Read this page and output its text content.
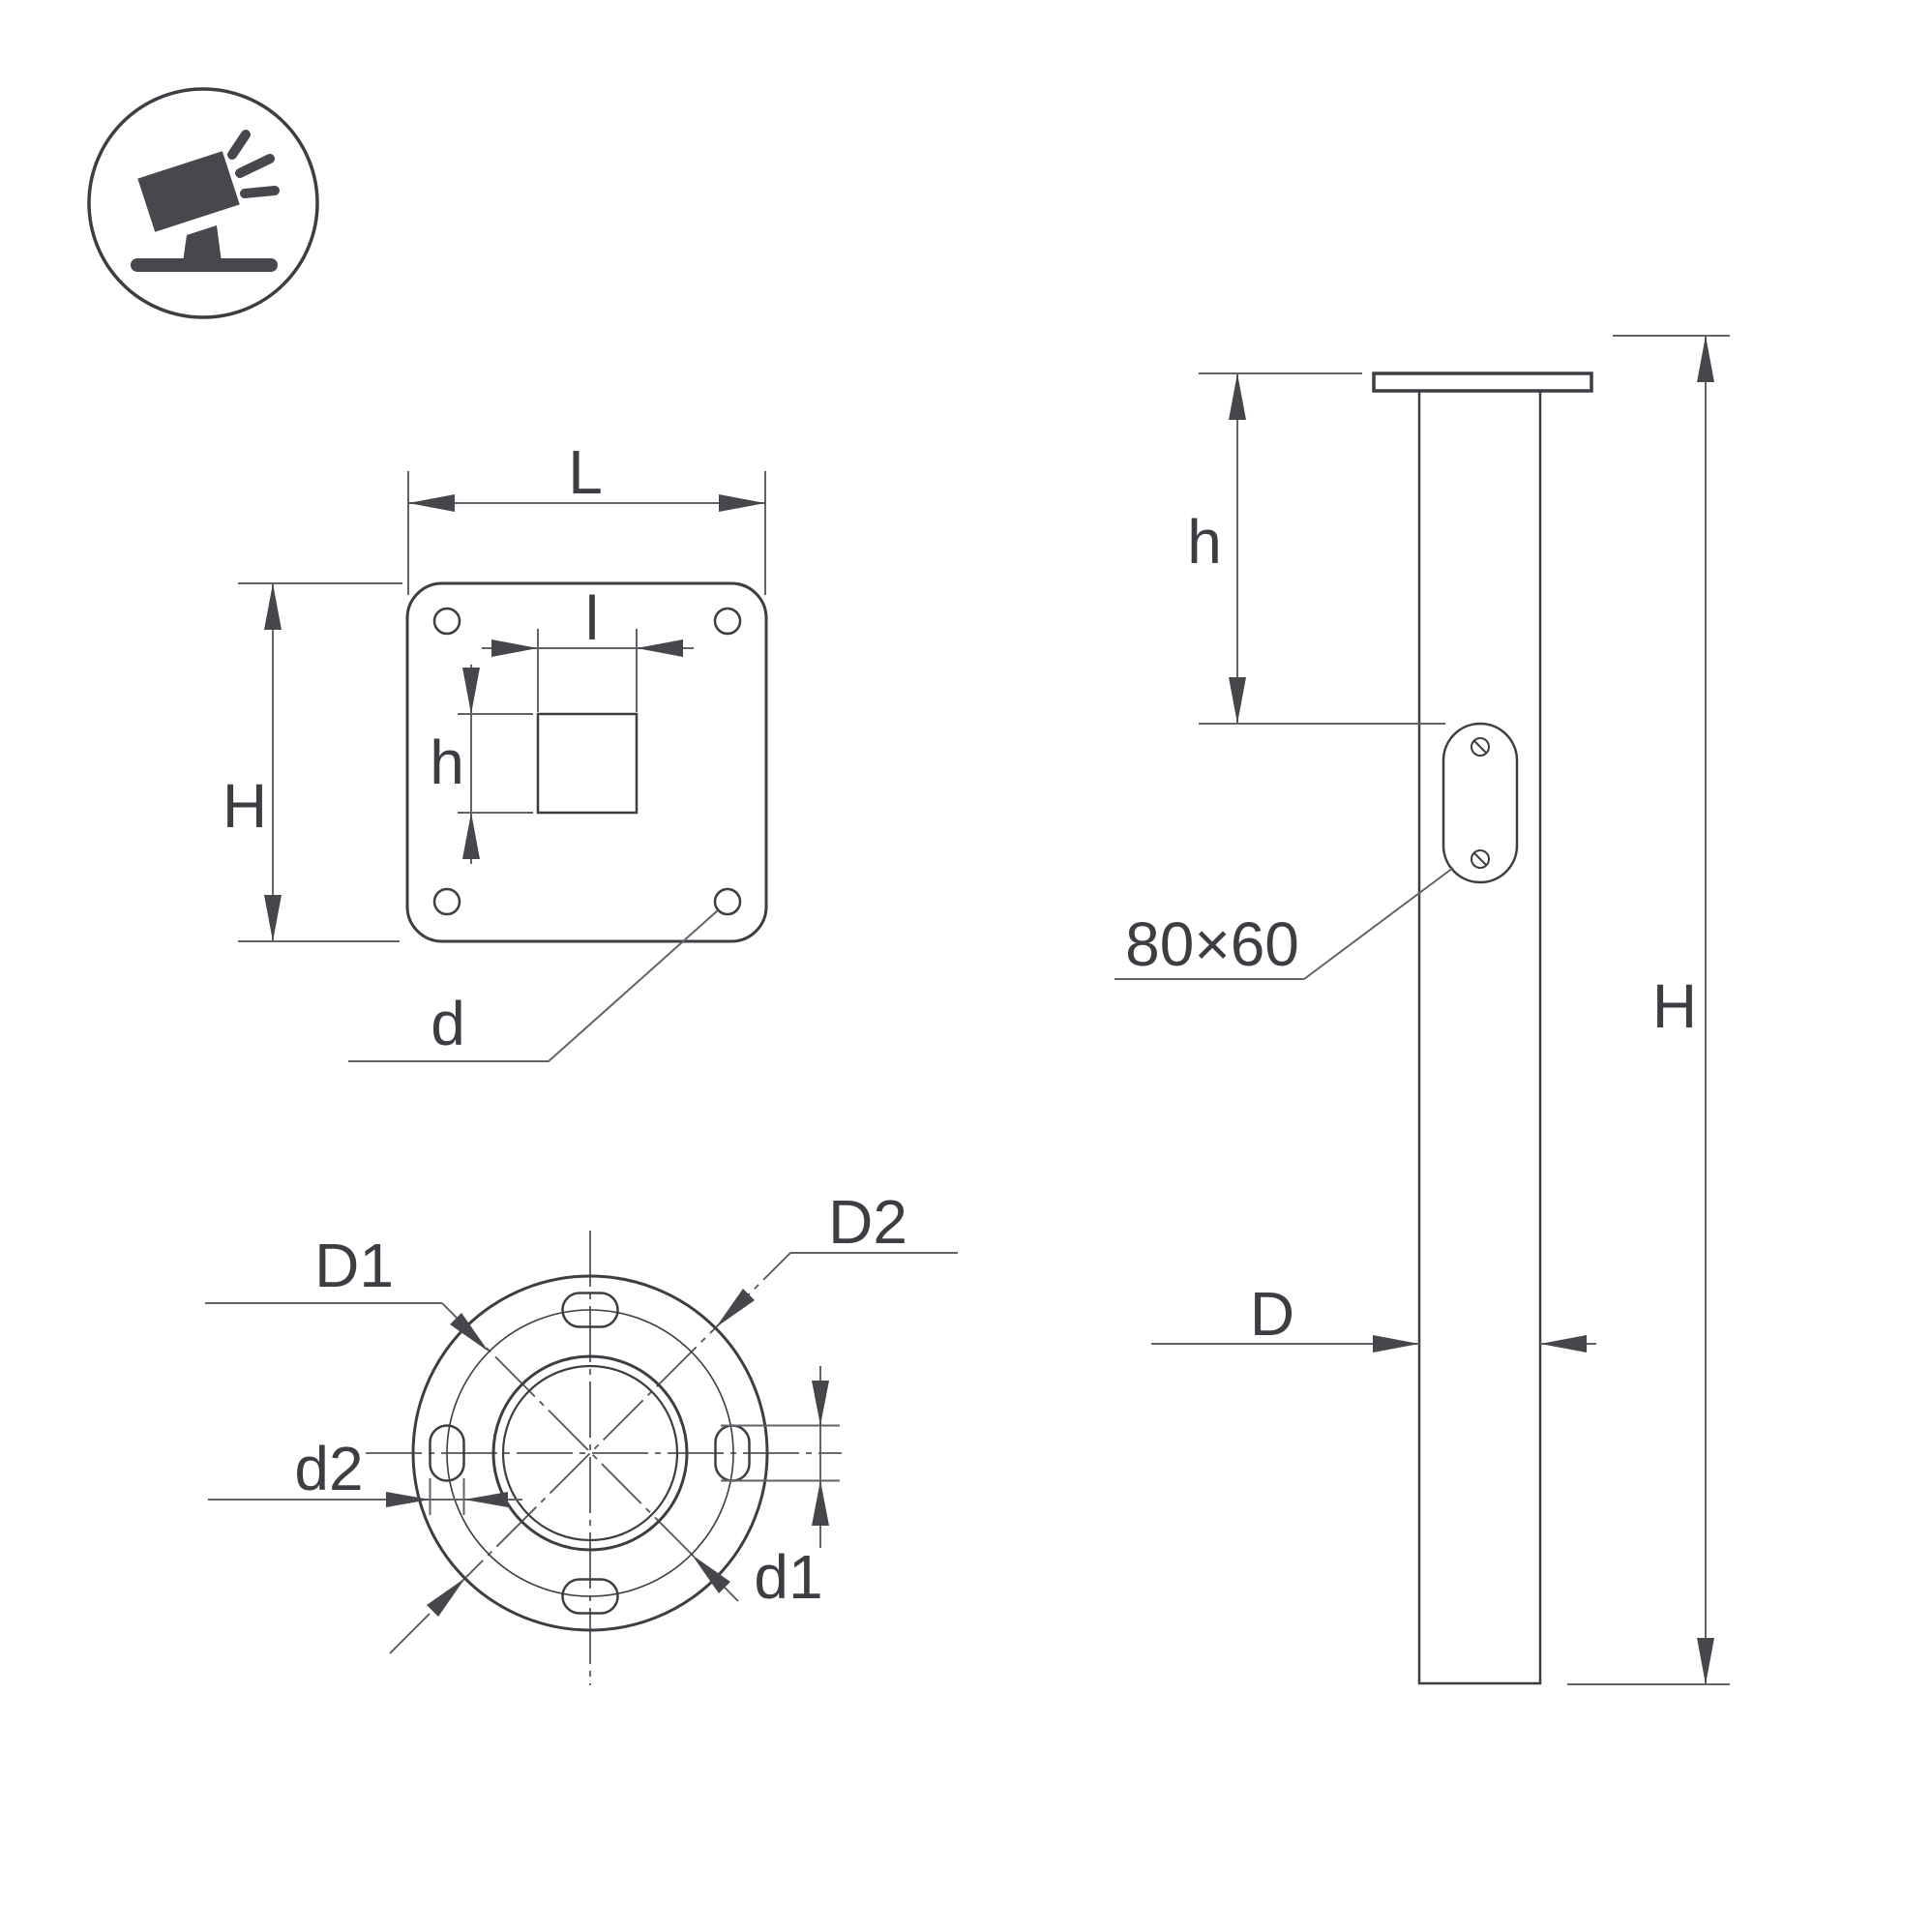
L
l
H
h
d
D1
D2
d2
d1
h
H
D
80×60
